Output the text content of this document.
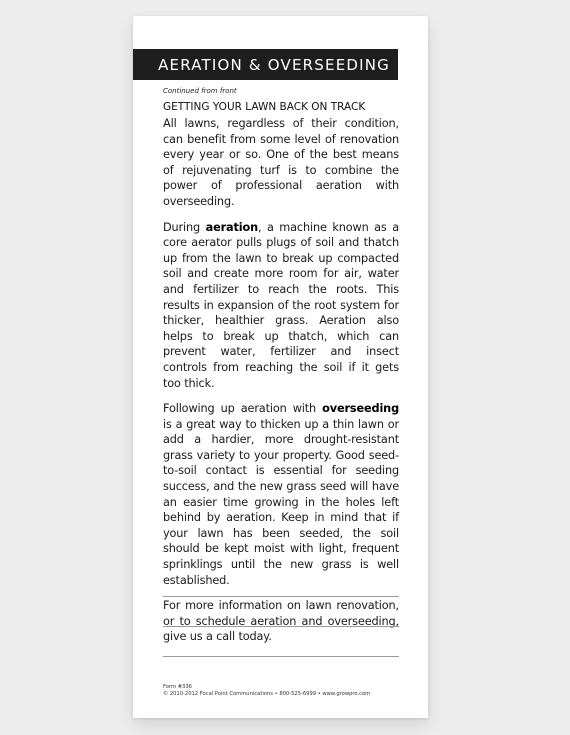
AERATION & OVERSEEDING
Continued from front
GETTING YOUR LAWN BACK ON TRACK

All lawns, regardless of their condition, can benefit from some level of renovation every year or so. One of the best means of rejuvenating turf is to combine the power of professional aeration with overseeding.

During aeration, a machine known as a core aerator pulls plugs of soil and thatch up from the lawn to break up compacted soil and create more room for air, water and fertilizer to reach the roots. This results in expansion of the root system for thicker, healthier grass. Aeration also helps to break up thatch, which can prevent water, fertilizer and insect controls from reaching the soil if it gets too thick.

Following up aeration with overseeding is a great way to thicken up a thin lawn or add a hardier, more drought-resistant grass variety to your property. Good seed-to-soil contact is essential for seeding success, and the new grass seed will have an easier time growing in the holes left behind by aeration. Keep in mind that if your lawn has been seeded, the soil should be kept moist with light, frequent sprinklings until the new grass is well established.

For more information on lawn renovation, or to schedule aeration and overseeding, give us a call today.

Form #336
© 2010-2012 Focal Point Communications • 800-525-6999 • www.growpro.com
